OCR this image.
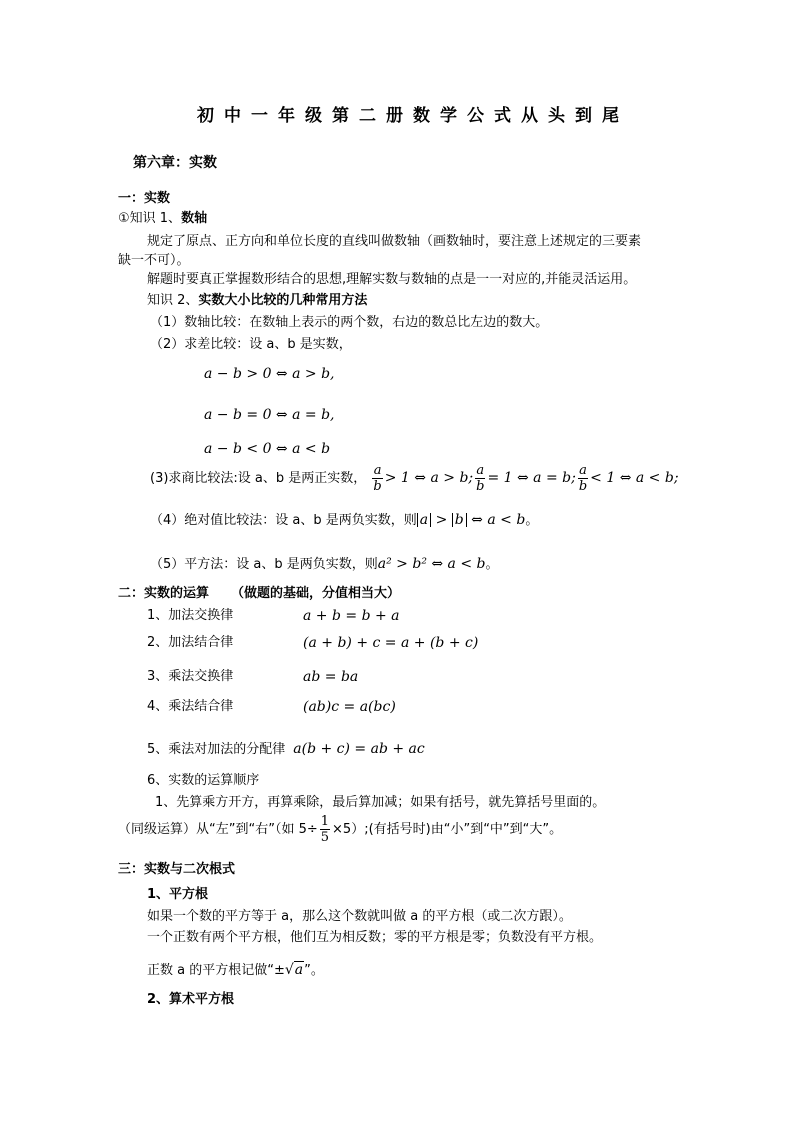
初中一年级第二册数学公式从头到尾
第六章：实数
一：实数
①知识 1、数轴
规定了原点、正方向和单位长度的直线叫做数轴（画数轴时，要注意上述规定的三要素
缺一不可）。
解题时要真正掌握数形结合的思想,理解实数与数轴的点是一一对应的,并能灵活运用。
知识 2、实数大小比较的几种常用方法
（1）数轴比较：在数轴上表示的两个数，右边的数总比左边的数大。
（2）求差比较：设 a、b 是实数，
a − b > 0 ⇔ a > b,
a − b = 0 ⇔ a = b,
a − b < 0 ⇔ a < b
(3)求商比较法:设 a、b 是两正实数， $\frac{a}{b} > 1$ ⇔ a > b; $\frac{a}{b} = 1$ ⇔ a = b; $\frac{a}{b} < 1$ ⇔ a < b;
（4）绝对值比较法：设 a、b 是两负实数，则 a > b ⇔ a < b。
（5）平方法：设 a、b 是两负实数，则a² > b² ⇔ a < b。
二：实数的运算 （做题的基础，分值相当大）
1、加法交换律	a + b = b + a
2、加法结合律	(a + b) + c = a + (b + c)
3、乘法交换律	ab = ba
4、乘法结合律	(ab)c = a(bc)
5、乘法对加法的分配律 a(b + c) = ab + ac
6、实数的运算顺序
1、先算乘方开方，再算乘除，最后算加减；如果有括号，就先算括号里面的。
（同级运算）从“左”到“右”（如 $5\div \frac{1}{5}$ ×5）;(有括号时)由“小”到“中”到“大”。
三：实数与二次根式
1、平方根
如果一个数的平方等于 a，那么这个数就叫做 a 的平方根（或二次方跟）。
一个正数有两个平方根，他们互为相反数；零的平方根是零；负数没有平方根。
正数 a 的平方根记做“±√a”。
2、算术平方根
